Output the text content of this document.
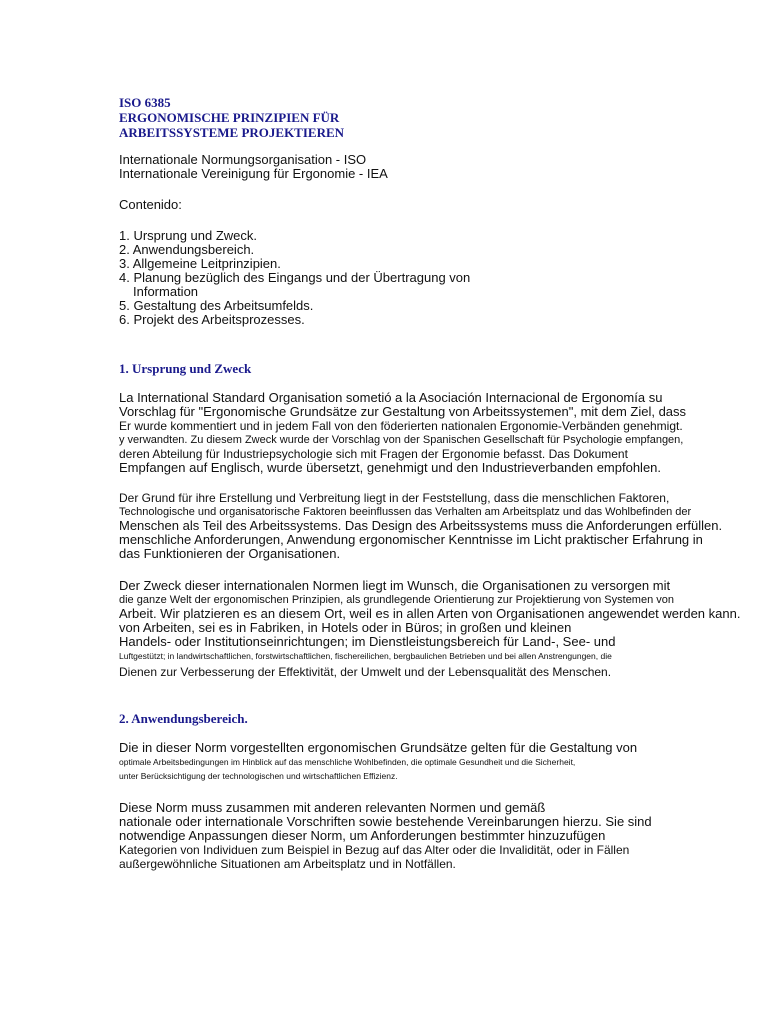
ISO 6385
ERGONOMISCHE PRINZIPIEN FÜR
ARBEITSSYSTEME PROJEKTIEREN
Internationale Normungsorganisation - ISO
Internationale Vereinigung für Ergonomie - IEA
Contenido:
1. Ursprung und Zweck.
2. Anwendungsbereich.
3. Allgemeine Leitprinzipien.
4. Planung bezüglich des Eingangs und der Übertragung von
Information
5. Gestaltung des Arbeitsumfelds.
6. Projekt des Arbeitsprozesses.
1. Ursprung und Zweck
La International Standard Organisation sometió a la Asociación Internacional de Ergonomía su
Vorschlag für "Ergonomische Grundsätze zur Gestaltung von Arbeitssystemen", mit dem Ziel, dass
Er wurde kommentiert und in jedem Fall von den föderierten nationalen Ergonomie-Verbänden genehmigt.
y verwandten. Zu diesem Zweck wurde der Vorschlag von der Spanischen Gesellschaft für Psychologie empfangen,
deren Abteilung für Industriepsychologie sich mit Fragen der Ergonomie befasst. Das Dokument
Empfangen auf Englisch, wurde übersetzt, genehmigt und den Industrieverbanden empfohlen.
Der Grund für ihre Erstellung und Verbreitung liegt in der Feststellung, dass die menschlichen Faktoren,
Technologische und organisatorische Faktoren beeinflussen das Verhalten am Arbeitsplatz und das Wohlbefinden der
Menschen als Teil des Arbeitssystems. Das Design des Arbeitssystems muss die Anforderungen erfüllen.
menschliche Anforderungen, Anwendung ergonomischer Kenntnisse im Licht praktischer Erfahrung in
das Funktionieren der Organisationen.
Der Zweck dieser internationalen Normen liegt im Wunsch, die Organisationen zu versorgen mit
die ganze Welt der ergonomischen Prinzipien, als grundlegende Orientierung zur Projektierung von Systemen von
Arbeit. Wir platzieren es an diesem Ort, weil es in allen Arten von Organisationen angewendet werden kann.
von Arbeiten, sei es in Fabriken, in Hotels oder in Büros; in großen und kleinen
Handels- oder Institutionseinrichtungen; im Dienstleistungsbereich für Land-, See- und
Luftgestützt; in landwirtschaftlichen, forstwirtschaftlichen, fischereilichen, bergbaulichen Betrieben und bei allen Anstrengungen, die
Dienen zur Verbesserung der Effektivität, der Umwelt und der Lebensqualität des Menschen.
2. Anwendungsbereich.
Die in dieser Norm vorgestellten ergonomischen Grundsätze gelten für die Gestaltung von
optimale Arbeitsbedingungen im Hinblick auf das menschliche Wohlbefinden, die optimale Gesundheit und die Sicherheit,
unter Berücksichtigung der technologischen und wirtschaftlichen Effizienz.
Diese Norm muss zusammen mit anderen relevanten Normen und gemäß
nationale oder internationale Vorschriften sowie bestehende Vereinbarungen hierzu. Sie sind
notwendige Anpassungen dieser Norm, um Anforderungen bestimmter hinzuzufügen
Kategorien von Individuen zum Beispiel in Bezug auf das Alter oder die Invalidität, oder in Fällen
außergewöhnliche Situationen am Arbeitsplatz und in Notfällen.
